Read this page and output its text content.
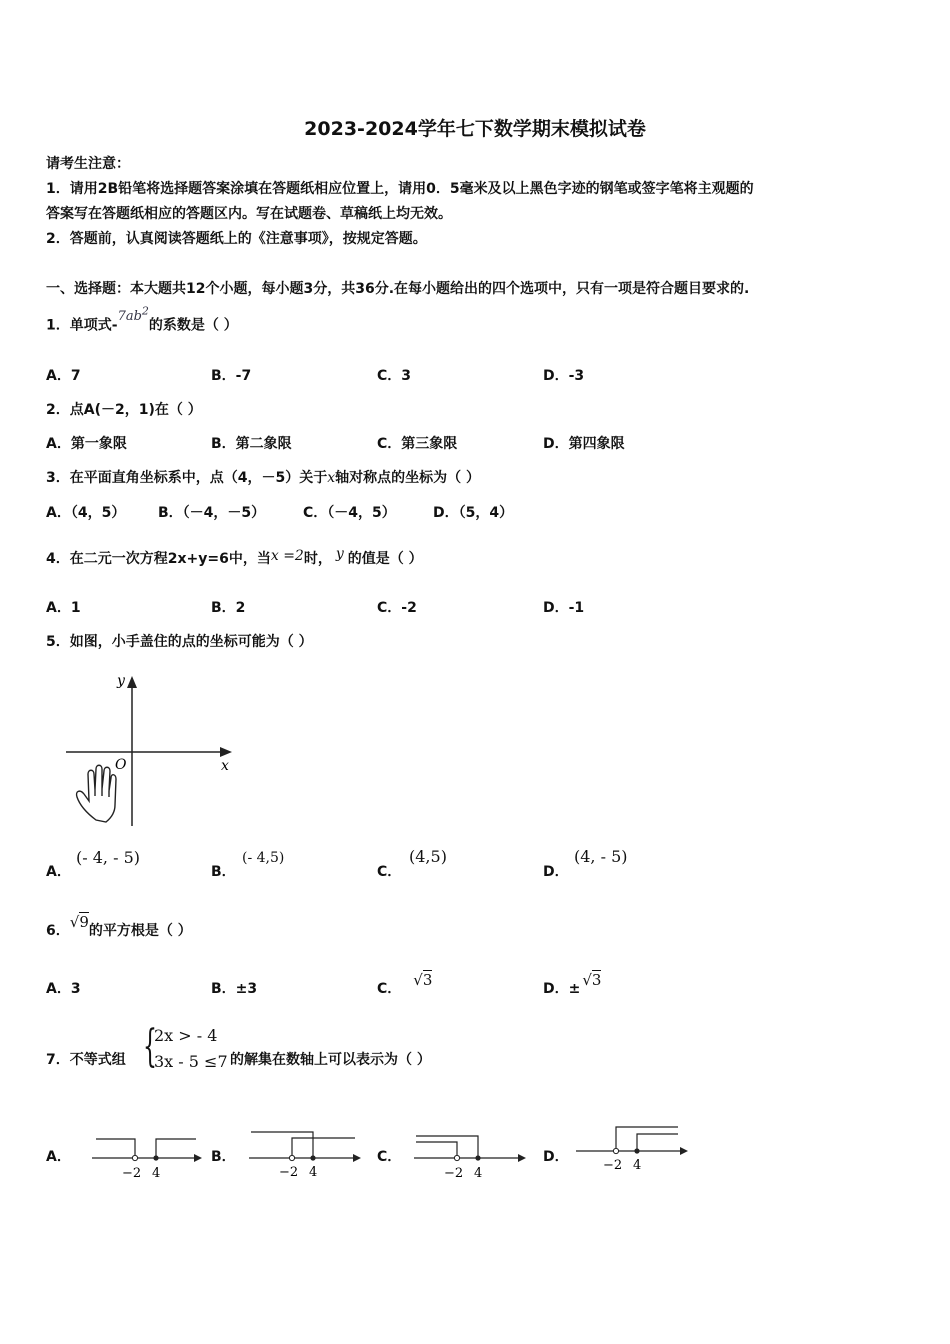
2023-2024学年七下数学期末模拟试卷
请考生注意：
1．请用2B铅笔将选择题答案涂填在答题纸相应位置上，请用0．5毫米及以上黑色字迹的钢笔或签字笔将主观题的
答案写在答题纸相应的答题区内。写在试题卷、草稿纸上均无效。
2．答题前，认真阅读答题纸上的《注意事项》，按规定答题。
一、选择题：本大题共12个小题，每小题3分，共36分.在每小题给出的四个选项中，只有一项是符合题目要求的.
1．单项式$-7ab^2$的系数是（ ）
A．7	B．-7	C．3	D．-3
2．点A(－2，1)在（ ）
A．第一象限	B．第二象限	C．第三象限	D．第四象限
3．在平面直角坐标系中，点（4，－5）关于x轴对称点的坐标为（ ）
A．（4，5） B．（－4，－5）	C．（－4，5）	D．（5，4）
4．在二元一次方程2x+y=6中，当x =2时， y 的值是（ ）
A．1	B．2	C．-2	D．-1
5．如图，小手盖住的点的坐标可能为（ ）
y
x
O
A．
(- 4, - 5)
B．
(- 4,5)
C．
(4,5)
D．
(4, - 5)
6．√9的平方根是（ ）
A．3	B．±3	C． √3	D．± √3
7．不等式组 {
2x > - 4
3x - 5 ≤7 的解集在数轴上可以表示为（ ）
A．
−2 4
B．
−2 4
C．
−2 4
D．
−2 4
